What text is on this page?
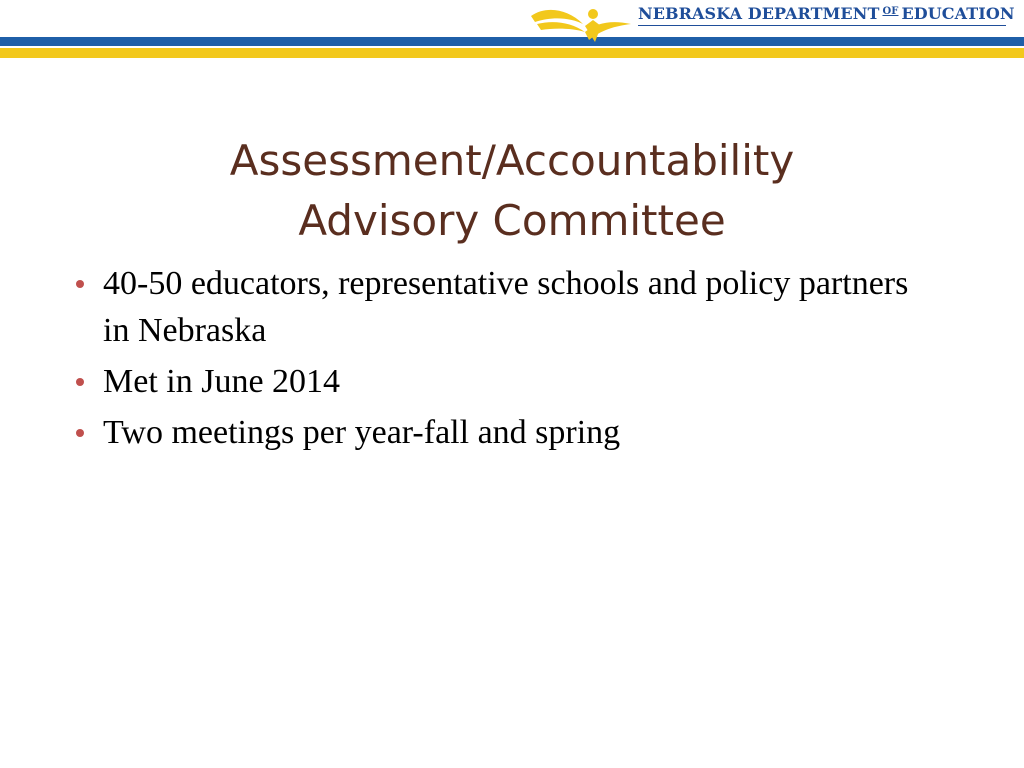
NEBRASKA DEPARTMENT $^{OF}$ EDUCATION
Assessment/Accountability
Advisory Committee
40-50 educators, representative schools and policy partners in Nebraska
Met in June 2014
Two meetings per year-fall and spring
